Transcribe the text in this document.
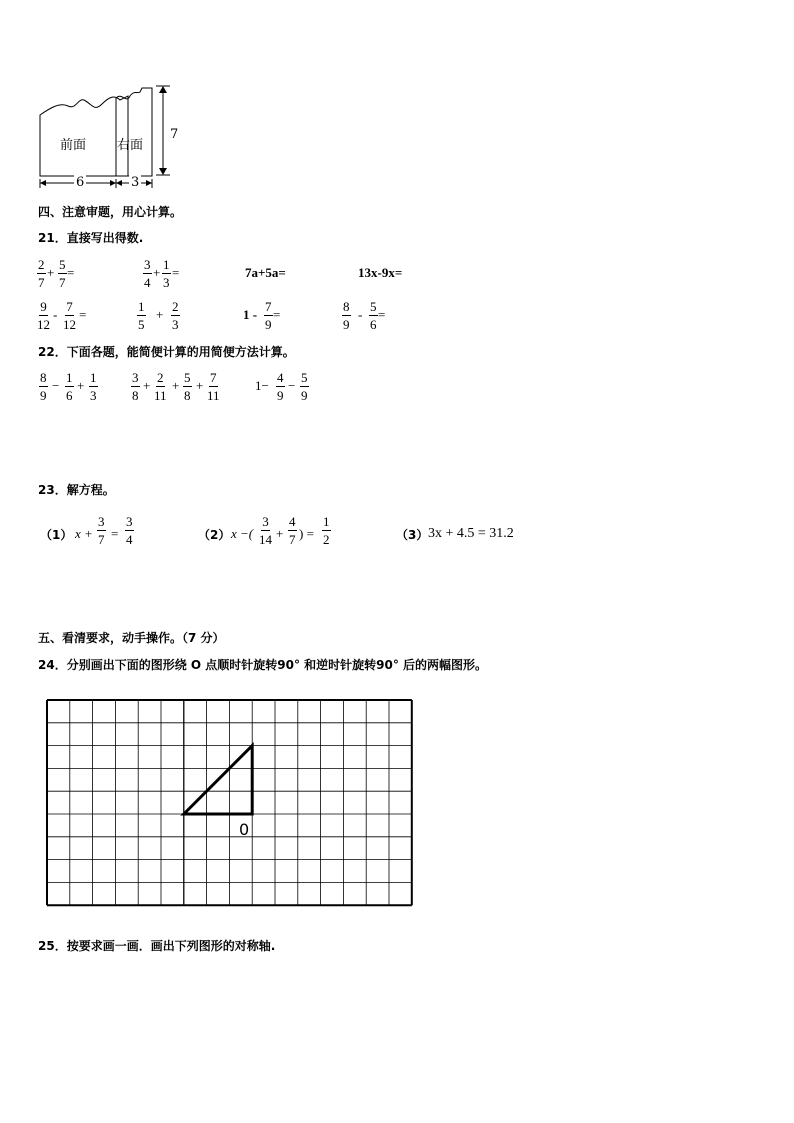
前面 右面
7
6	3
四、注意审题，用心计算。
21．直接写出得数.
$\frac{2}{7} + \frac{5}{7}$ =	$\frac{3}{4} + \frac{1}{3}$ =	7a+5a=	13x-9x=
$\frac{9}{12} - \frac{7}{12}$ =	$\frac{1}{5} + \frac{2}{3}$	$1 - \frac{7}{9}$ =	$\frac{8}{9} - \frac{5}{6}$ =
22．下面各题，能简便计算的用简便方法计算。
$\frac{8}{9} - \frac{1}{6} + \frac{1}{3}$	$\frac{3}{8} + \frac{2}{11} + \frac{5}{8} + \frac{7}{11}$	$1- \frac{4}{9} - \frac{5}{9}$
23．解方程。
（1） $x + \frac{3}{7} = \frac{3}{4}$	（2） x −( $\frac{3}{14} + \frac{4}{7}$ ) = $\frac{1}{2}$	（3） 3x + 4.5 = 31.2
五、看清要求，动手操作。（7 分）
24．分别画出下面的图形绕 O 点顺时针旋转90° 和逆时针旋转90° 后的两幅图形。
0
25．按要求画一画．画出下列图形的对称轴.
